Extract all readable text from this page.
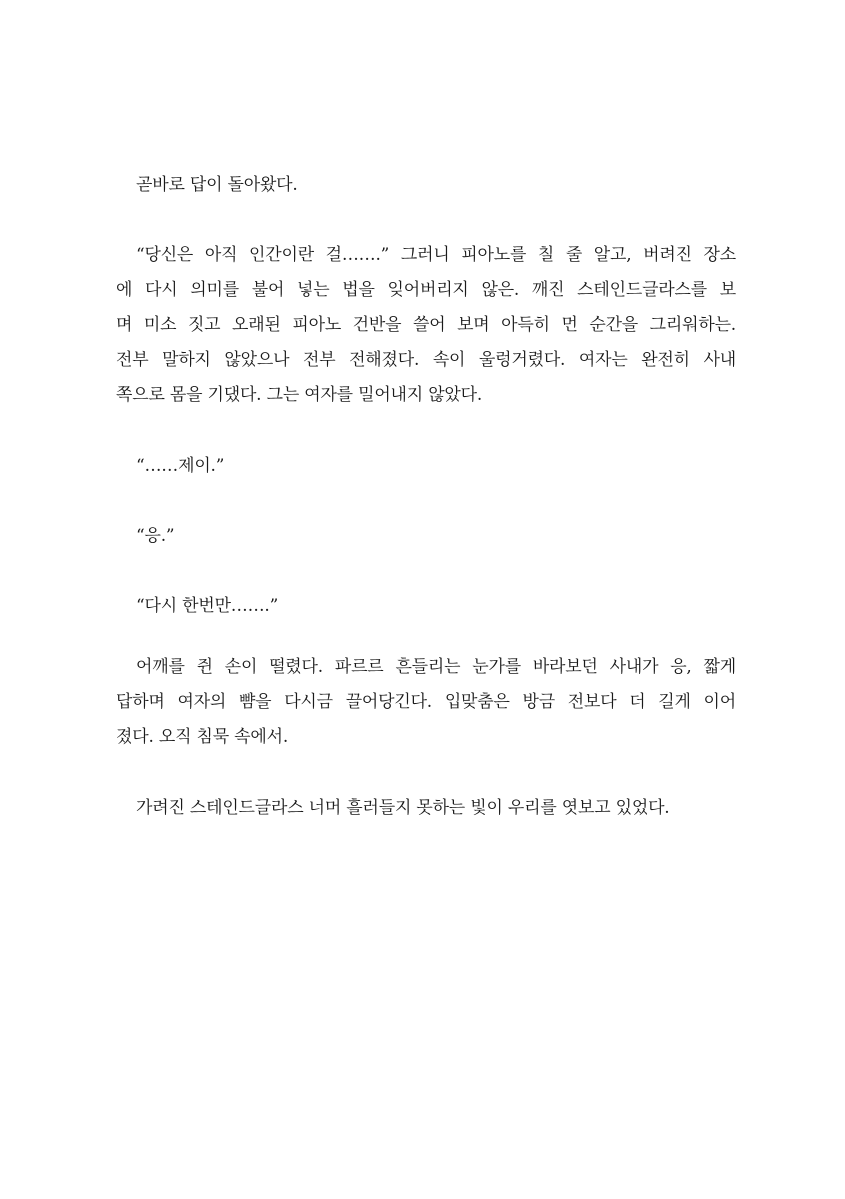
곧바로 답이 돌아왔다.

“당신은 아직 인간이란 걸…….” 그러니 피아노를 칠 줄 알고, 버려진 장소
에 다시 의미를 불어 넣는 법을 잊어버리지 않은. 깨진 스테인드글라스를 보
며 미소 짓고 오래된 피아노 건반을 쓸어 보며 아득히 먼 순간을 그리워하는.
전부 말하지 않았으나 전부 전해졌다. 속이 울렁거렸다. 여자는 완전히 사내
쪽으로 몸을 기댔다. 그는 여자를 밀어내지 않았다.

“……제이.”

“응.”

“다시 한번만…….”

어깨를 쥔 손이 떨렸다. 파르르 흔들리는 눈가를 바라보던 사내가 응, 짧게
답하며 여자의 뺨을 다시금 끌어당긴다. 입맞춤은 방금 전보다 더 길게 이어
졌다. 오직 침묵 속에서.

가려진 스테인드글라스 너머 흘러들지 못하는 빛이 우리를 엿보고 있었다.
